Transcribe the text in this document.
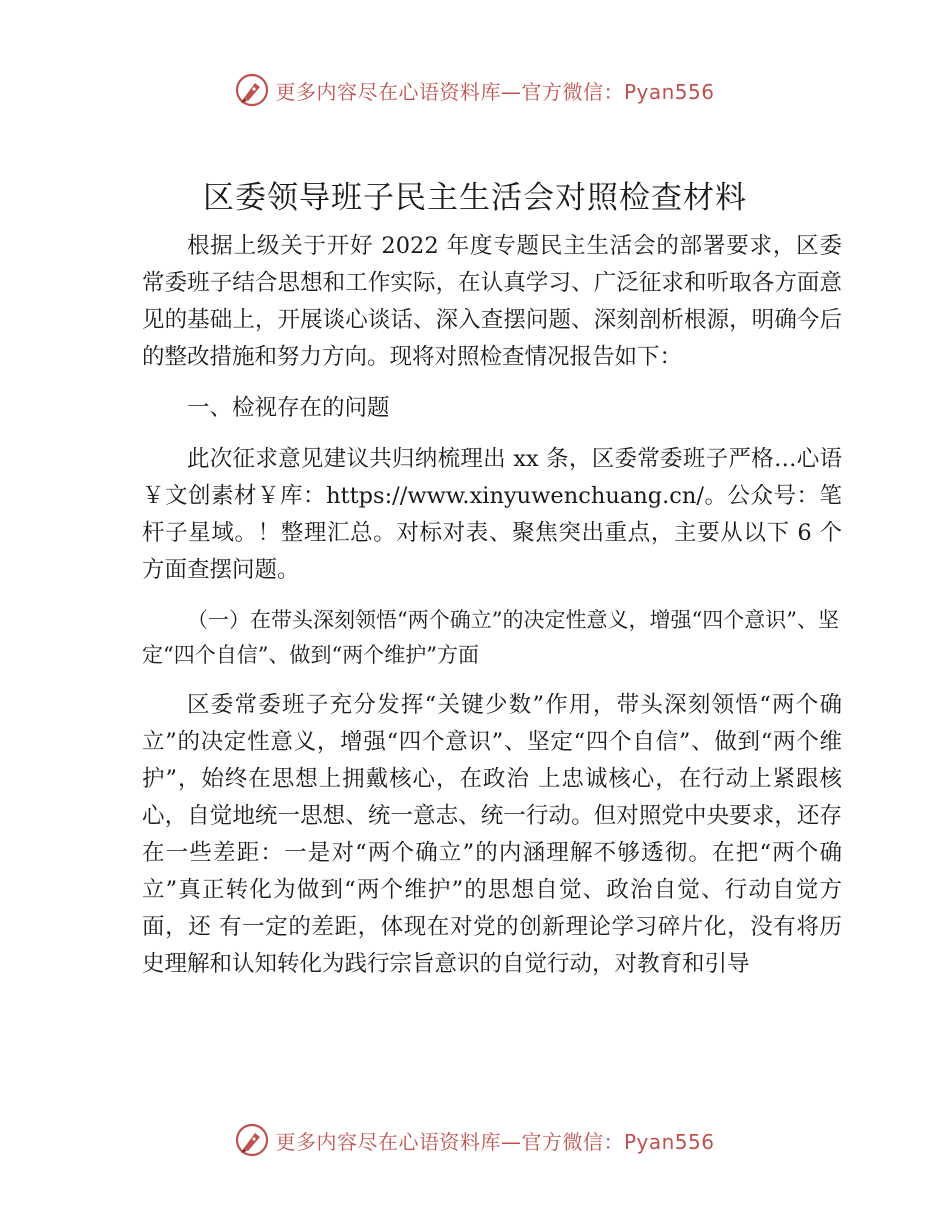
更多内容尽在心语资料库—官方微信：Pyan556
区委领导班子民主生活会对照检查材料

根据上级关于开好 2022 年度专题民主生活会的部署要求，区委常委班子结合思想和工作实际，在认真学习、广泛征求和听取各方面意见的基础上，开展谈心谈话、深入查摆问题、深刻剖析根源，明确今后的整改措施和努力方向。现将对照检查情况报告如下：

一、检视存在的问题

此次征求意见建议共归纳梳理出 xx 条，区委常委班子严格…心语￥文创素材￥库：https://www.xinyuwenchuang.cn/。公众号：笔杆子星域。！整理汇总。对标对表、聚焦突出重点，主要从以下 6 个方面查摆问题。

（一）在带头深刻领悟“两个确立”的决定性意义，增强“四个意识”、坚定“四个自信”、做到“两个维护”方面

区委常委班子充分发挥“关键少数”作用，带头深刻领悟“两个确立”的决定性意义，增强“四个意识”、坚定“四个自信”、做到“两个维护”，始终在思想上拥戴核心，在政治 上忠诚核心，在行动上紧跟核心，自觉地统一思想、统一意志、统一行动。但对照党中央要求，还存在一些差距：一是对“两个确立”的内涵理解不够透彻。在把“两个确立”真正转化为做到“两个维护”的思想自觉、政治自觉、行动自觉方面，还 有一定的差距，体现在对党的创新理论学习碎片化，没有将历史理解和认知转化为践行宗旨意识的自觉行动，对教育和引导

更多内容尽在心语资料库—官方微信：Pyan556
